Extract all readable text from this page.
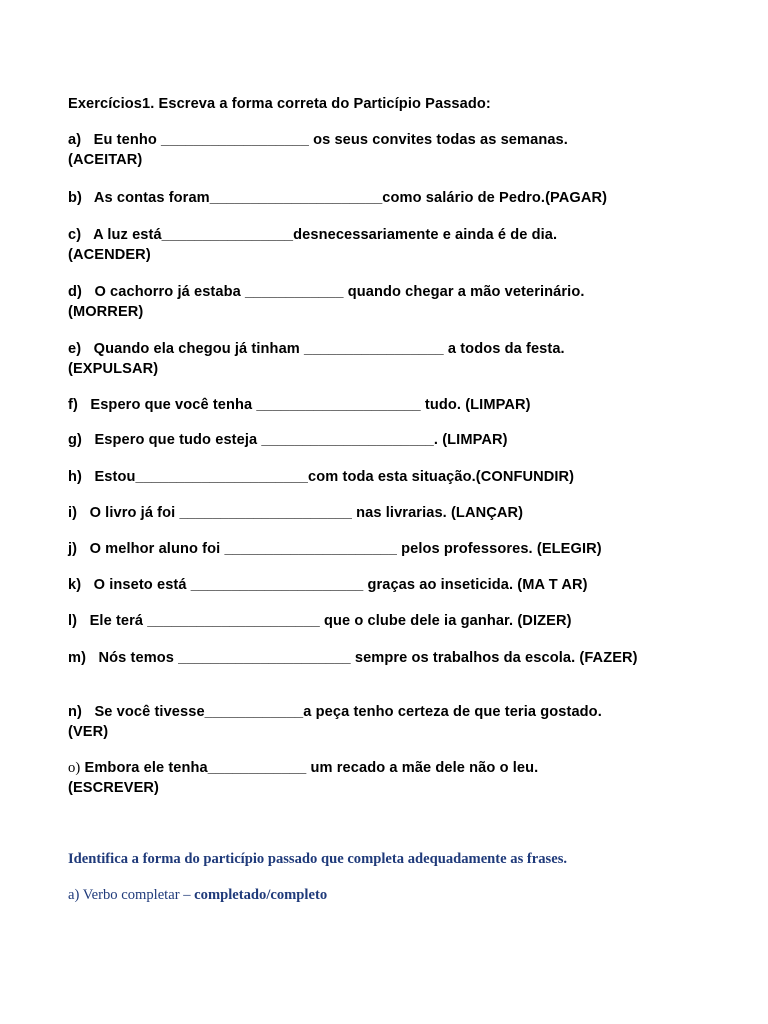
Exercícios1. Escreva a forma correta do Particípio Passado:
a)   Eu tenho __________________ os seus convites todas as semanas.
(ACEITAR)
b)   As contas foram_____________________como salário de Pedro.(PAGAR)
c)   A luz está________________desnecessariamente e ainda é de dia.
(ACENDER)
d)   O cachorro já estaba ____________ quando chegar a mão veterinário.
(MORRER)
e)   Quando ela chegou já tinham _________________ a todos da festa.
(EXPULSAR)
f)   Espero que você tenha ____________________ tudo. (LIMPAR)
g)   Espero que tudo esteja _____________________. (LIMPAR)
h)   Estou_____________________com toda esta situação.(CONFUNDIR)
i)   O livro já foi _____________________ nas livrarias. (LANÇAR)
j)   O melhor aluno foi _____________________ pelos professores. (ELEGIR)
k)   O inseto está _____________________ graças ao inseticida. (MA T AR)
l)   Ele terá _____________________ que o clube dele ia ganhar. (DIZER)
m)   Nós temos _____________________ sempre os trabalhos da escola. (FAZER)
n)   Se você tivesse____________a peça tenho certeza de que teria gostado.
(VER)
o) Embora ele tenha____________ um recado a mãe dele não o leu.
(ESCREVER)
Identifica a forma do particípio passado que completa adequadamente as frases.
a) Verbo completar – completado/completo
